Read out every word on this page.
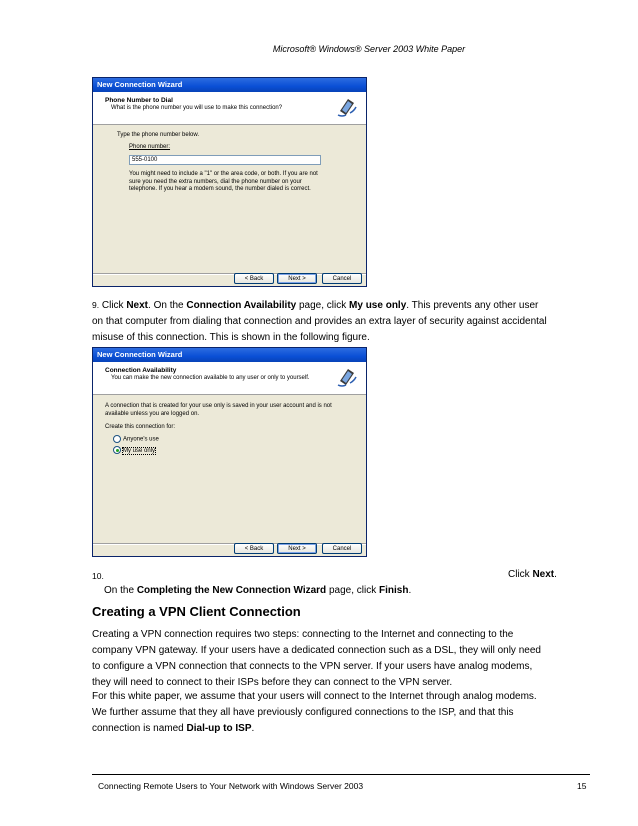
Microsoft® Windows® Server 2003 White Paper
New Connection Wizard
Phone Number to Dial
What is the phone number you will use to make this connection?
Type the phone number below.
Phone number:
555-0100
You might need to include a "1" or the area code, or both. If you are not sure you need the extra numbers, dial the phone number on your telephone. If you hear a modem sound, the number dialed is correct.
< Back	Next >	Cancel
9. Click Next. On the Connection Availability page, click My use only. This prevents any other user on that computer from dialing that connection and provides an extra layer of security against accidental misuse of this connection. This is shown in the following figure.
New Connection Wizard
Connection Availability
You can make the new connection available to any user or only to yourself.
A connection that is created for your use only is saved in your user account and is not available unless you are logged on.
Create this connection for:
Anyone's use
My use only
< Back	Next >	Cancel
10.	Click Next.
On the Completing the New Connection Wizard page, click Finish.
Creating a VPN Client Connection
Creating a VPN connection requires two steps: connecting to the Internet and connecting to the company VPN gateway. If your users have a dedicated connection such as a DSL, they will only need to configure a VPN connection that connects to the VPN server. If your users have analog modems, they will need to connect to their ISPs before they can connect to the VPN server.
For this white paper, we assume that your users will connect to the Internet through analog modems. We further assume that they all have previously configured connections to the ISP, and that this connection is named Dial-up to ISP.
Connecting Remote Users to Your Network with Windows Server 2003	15
